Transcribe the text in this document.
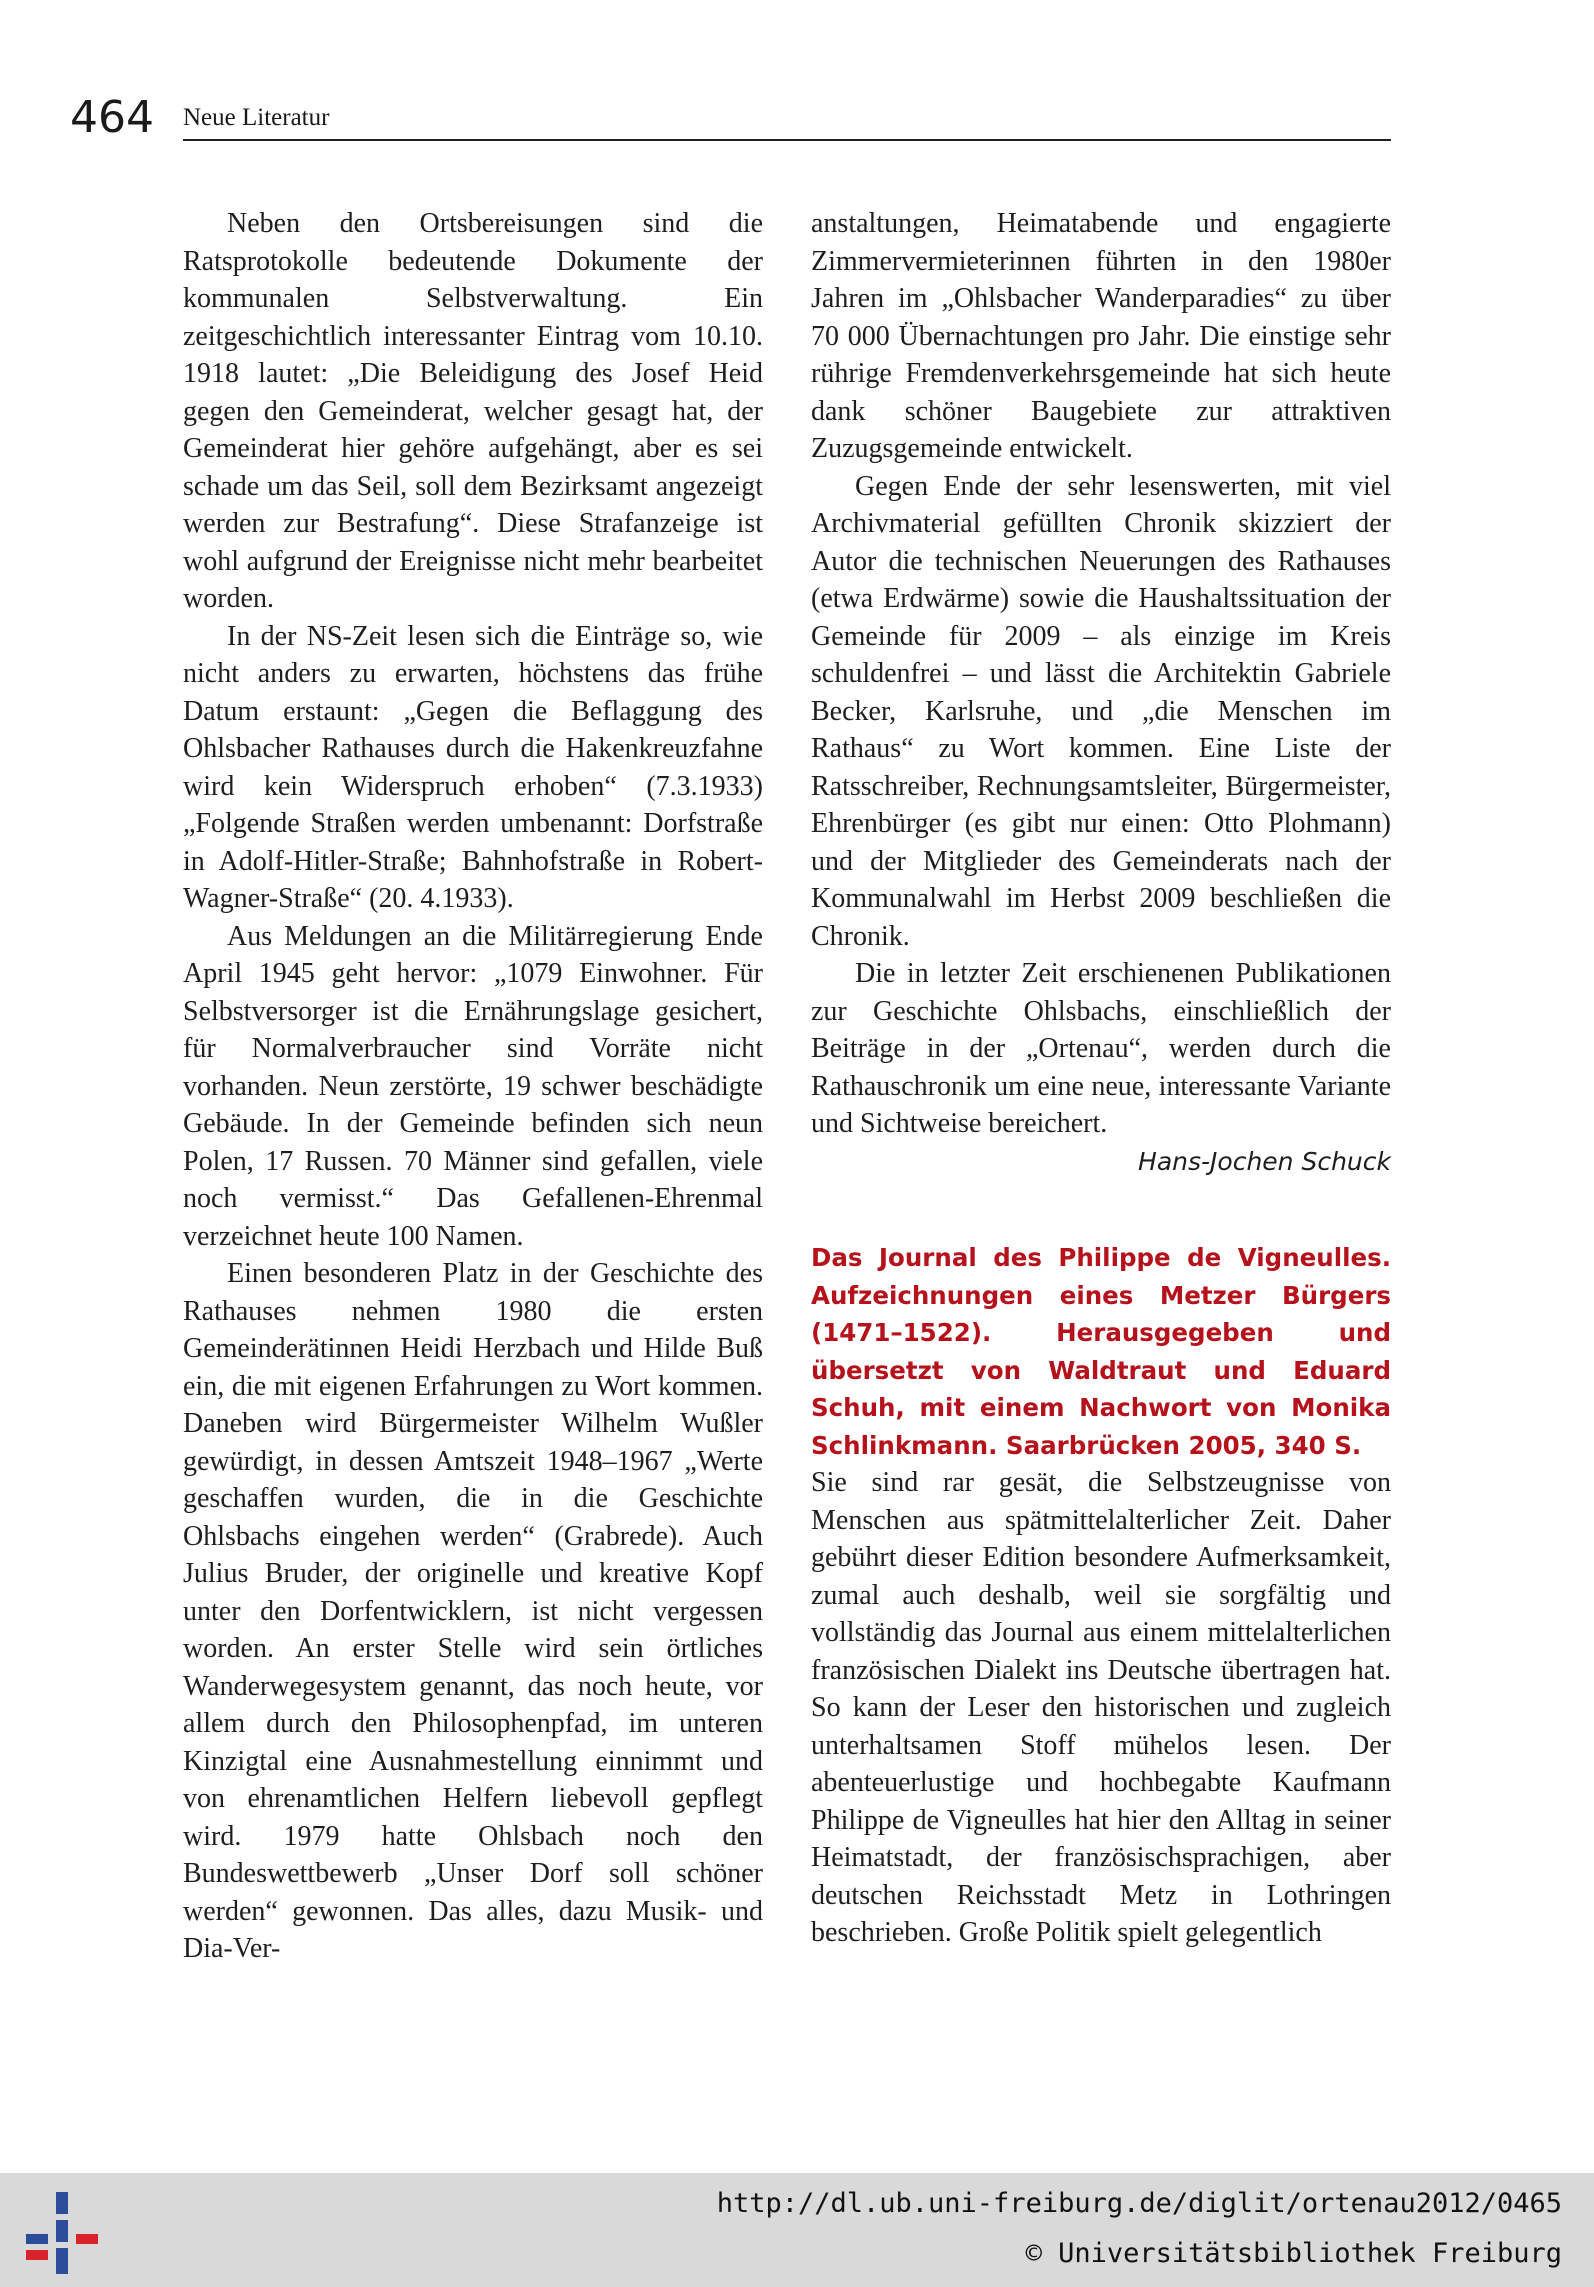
464 Neue Literatur

Neben den Ortsbereisungen sind die Ratsprotokolle bedeutende Dokumente der kommunalen Selbstverwaltung. Ein zeitgeschichtlich interessanter Eintrag vom 10.10. 1918 lautet: „Die Beleidigung des Josef Heid gegen den Gemeinderat, welcher gesagt hat, der Gemeinderat hier gehöre aufgehängt, aber es sei schade um das Seil, soll dem Bezirksamt angezeigt werden zur Bestrafung“. Diese Strafanzeige ist wohl aufgrund der Ereignisse nicht mehr bearbeitet worden.

In der NS-Zeit lesen sich die Einträge so, wie nicht anders zu erwarten, höchstens das frühe Datum erstaunt: „Gegen die Beflaggung des Ohlsbacher Rathauses durch die Hakenkreuzfahne wird kein Widerspruch erhoben“ (7.3.1933) „Folgende Straßen werden umbenannt: Dorfstraße in Adolf-Hitler-Straße; Bahnhofstraße in Robert-Wagner-Straße“ (20. 4.1933).

Aus Meldungen an die Militärregierung Ende April 1945 geht hervor: „1079 Einwohner. Für Selbstversorger ist die Ernährungslage gesichert, für Normalverbraucher sind Vorräte nicht vorhanden. Neun zerstörte, 19 schwer beschädigte Gebäude. In der Gemeinde befinden sich neun Polen, 17 Russen. 70 Männer sind gefallen, viele noch vermisst.“ Das Gefallenen-Ehrenmal verzeichnet heute 100 Namen.

Einen besonderen Platz in der Geschichte des Rathauses nehmen 1980 die ersten Gemeinderätinnen Heidi Herzbach und Hilde Buß ein, die mit eigenen Erfahrungen zu Wort kommen. Daneben wird Bürgermeister Wilhelm Wußler gewürdigt, in dessen Amtszeit 1948–1967 „Werte geschaffen wurden, die in die Geschichte Ohlsbachs eingehen werden“ (Grabrede). Auch Julius Bruder, der originelle und kreative Kopf unter den Dorfentwicklern, ist nicht vergessen worden. An erster Stelle wird sein örtliches Wanderwegesystem genannt, das noch heute, vor allem durch den Philosophenpfad, im unteren Kinzigtal eine Ausnahmestellung einnimmt und von ehrenamtlichen Helfern liebevoll gepflegt wird. 1979 hatte Ohlsbach noch den Bundeswettbewerb „Unser Dorf soll schöner werden“ gewonnen. Das alles, dazu Musik- und Dia-Ver-

anstaltungen, Heimatabende und engagierte Zimmervermieterinnen führten in den 1980er Jahren im „Ohlsbacher Wanderparadies“ zu über 70 000 Übernachtungen pro Jahr. Die einstige sehr rührige Fremdenverkehrsgemeinde hat sich heute dank schöner Baugebiete zur attraktiven Zuzugsgemeinde entwickelt.

Gegen Ende der sehr lesenswerten, mit viel Archivmaterial gefüllten Chronik skizziert der Autor die technischen Neuerungen des Rathauses (etwa Erdwärme) sowie die Haushaltssituation der Gemeinde für 2009 – als einzige im Kreis schuldenfrei – und lässt die Architektin Gabriele Becker, Karlsruhe, und „die Menschen im Rathaus“ zu Wort kommen. Eine Liste der Ratsschreiber, Rechnungsamtsleiter, Bürgermeister, Ehrenbürger (es gibt nur einen: Otto Plohmann) und der Mitglieder des Gemeinderats nach der Kommunalwahl im Herbst 2009 beschließen die Chronik.

Die in letzter Zeit erschienenen Publikationen zur Geschichte Ohlsbachs, einschließlich der Beiträge in der „Ortenau“, werden durch die Rathauschronik um eine neue, interessante Variante und Sichtweise bereichert.

Hans-Jochen Schuck

Das Journal des Philippe de Vigneulles. Aufzeichnungen eines Metzer Bürgers (1471–1522). Herausgegeben und übersetzt von Waldtraut und Eduard Schuh, mit einem Nachwort von Monika Schlinkmann. Saarbrücken 2005, 340 S.

Sie sind rar gesät, die Selbstzeugnisse von Menschen aus spätmittelalterlicher Zeit. Daher gebührt dieser Edition besondere Aufmerksamkeit, zumal auch deshalb, weil sie sorgfältig und vollständig das Journal aus einem mittelalterlichen französischen Dialekt ins Deutsche übertragen hat. So kann der Leser den historischen und zugleich unterhaltsamen Stoff mühelos lesen. Der abenteuerlustige und hochbegabte Kaufmann Philippe de Vigneulles hat hier den Alltag in seiner Heimatstadt, der französischsprachigen, aber deutschen Reichsstadt Metz in Lothringen beschrieben. Große Politik spielt gelegentlich

http://dl.ub.uni-freiburg.de/diglit/ortenau2012/0465
© Universitätsbibliothek Freiburg
